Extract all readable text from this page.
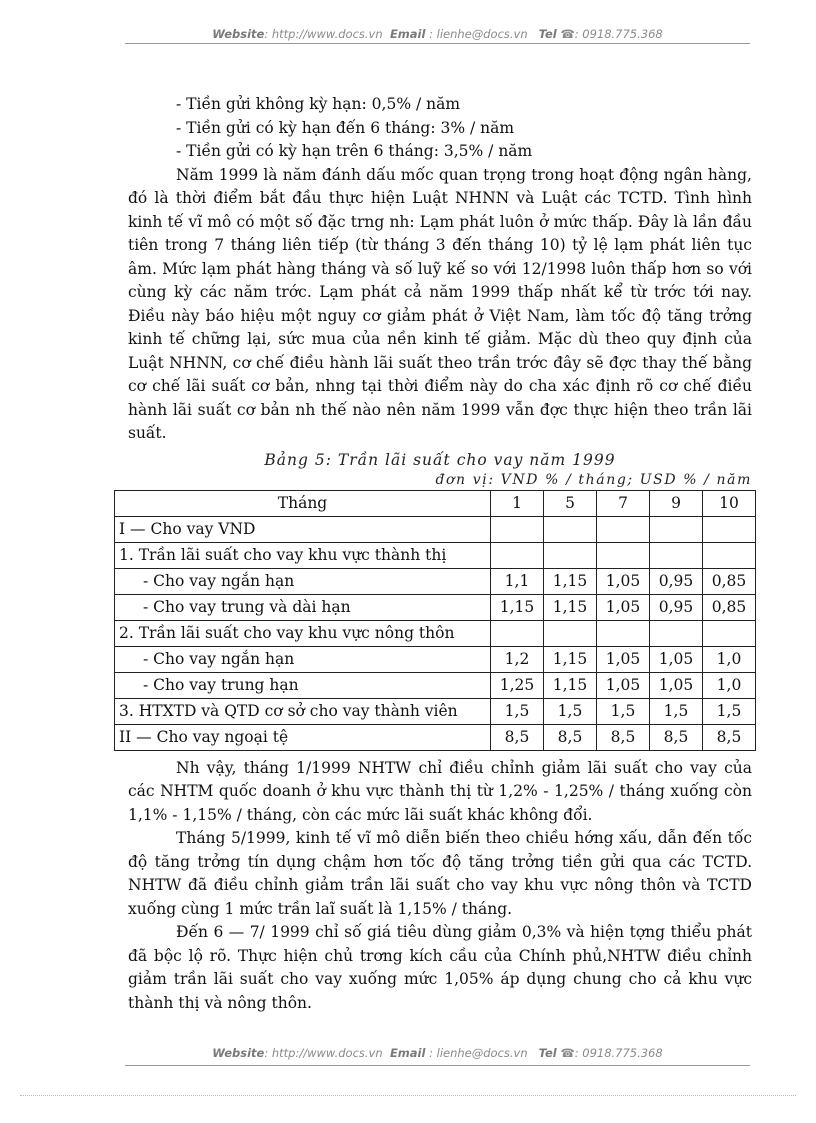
Website: http://www.docs.vn Email : lienhe@docs.vn Tel ☎: 0918.775.368

- Tiền gửi không kỳ hạn: 0,5% / năm

- Tiền gửi có kỳ hạn đến 6 tháng: 3% / năm

- Tiền gửi có kỳ hạn trên 6 tháng: 3,5% / năm

Năm 1999 là năm đánh dấu mốc quan trọng trong hoạt động ngân hàng, đó là thời điểm bắt đầu thực hiện Luật NHNN và Luật các TCTD. Tình hình kinh tế vĩ mô có một số đặc trng nh: Lạm phát luôn ở mức thấp. Đây là lần đầu tiên trong 7 tháng liên tiếp (từ tháng 3 đến tháng 10) tỷ lệ lạm phát liên tục âm. Mức lạm phát hàng tháng và số luỹ kế so với 12/1998 luôn thấp hơn so với cùng kỳ các năm trớc. Lạm phát cả năm 1999 thấp nhất kể từ trớc tới nay. Điều này báo hiệu một nguy cơ giảm phát ở Việt Nam, làm tốc độ tăng trởng kinh tế chững lại, sức mua của nền kinh tế giảm. Mặc dù theo quy định của Luật NHNN, cơ chế điều hành lãi suất theo trần trớc đây sẽ đợc thay thế bằng cơ chế lãi suất cơ bản, nhng tại thời điểm này do cha xác định rõ cơ chế điều hành lãi suất cơ bản nh thế nào nên năm 1999 vẫn đợc thực hiện theo trần lãi suất.

Bảng 5: Trần lãi suất cho vay năm 1999

đơn vị: VND % / tháng; USD % / năm

Tháng	1	5	7	9	10
I — Cho vay VND					
1. Trần lãi suất cho vay khu vực thành thị					
- Cho vay ngắn hạn	1,1	1,15	1,05	0,95	0,85
- Cho vay trung và dài hạn	1,15	1,15	1,05	0,95	0,85
2. Trần lãi suất cho vay khu vực nông thôn					
- Cho vay ngắn hạn	1,2	1,15	1,05	1,05	1,0
- Cho vay trung hạn	1,25	1,15	1,05	1,05	1,0
3. HTXTD và QTD cơ sở cho vay thành viên	1,5	1,5	1,5	1,5	1,5
II — Cho vay ngoại tệ	8,5	8,5	8,5	8,5	8,5

Nh vậy, tháng 1/1999 NHTW chỉ điều chỉnh giảm lãi suất cho vay của các NHTM quốc doanh ở khu vực thành thị từ 1,2% - 1,25% / tháng xuống còn 1,1% - 1,15% / tháng, còn các mức lãi suất khác không đổi.

Tháng 5/1999, kinh tế vĩ mô diễn biến theo chiều hớng xấu, dẫn đến tốc độ tăng trởng tín dụng chậm hơn tốc độ tăng trởng tiền gửi qua các TCTD. NHTW đã điều chỉnh giảm trần lãi suất cho vay khu vực nông thôn và TCTD xuống cùng 1 mức trần laĩ suất là 1,15% / tháng.

Đến 6 — 7/ 1999 chỉ số giá tiêu dùng giảm 0,3% và hiện tợng thiểu phát đã bộc lộ rõ. Thực hiện chủ trơng kích cầu của Chính phủ,NHTW điều chỉnh giảm trần lãi suất cho vay xuống mức 1,05% áp dụng chung cho cả khu vực thành thị và nông thôn.

Website: http://www.docs.vn Email : lienhe@docs.vn Tel ☎: 0918.775.368
